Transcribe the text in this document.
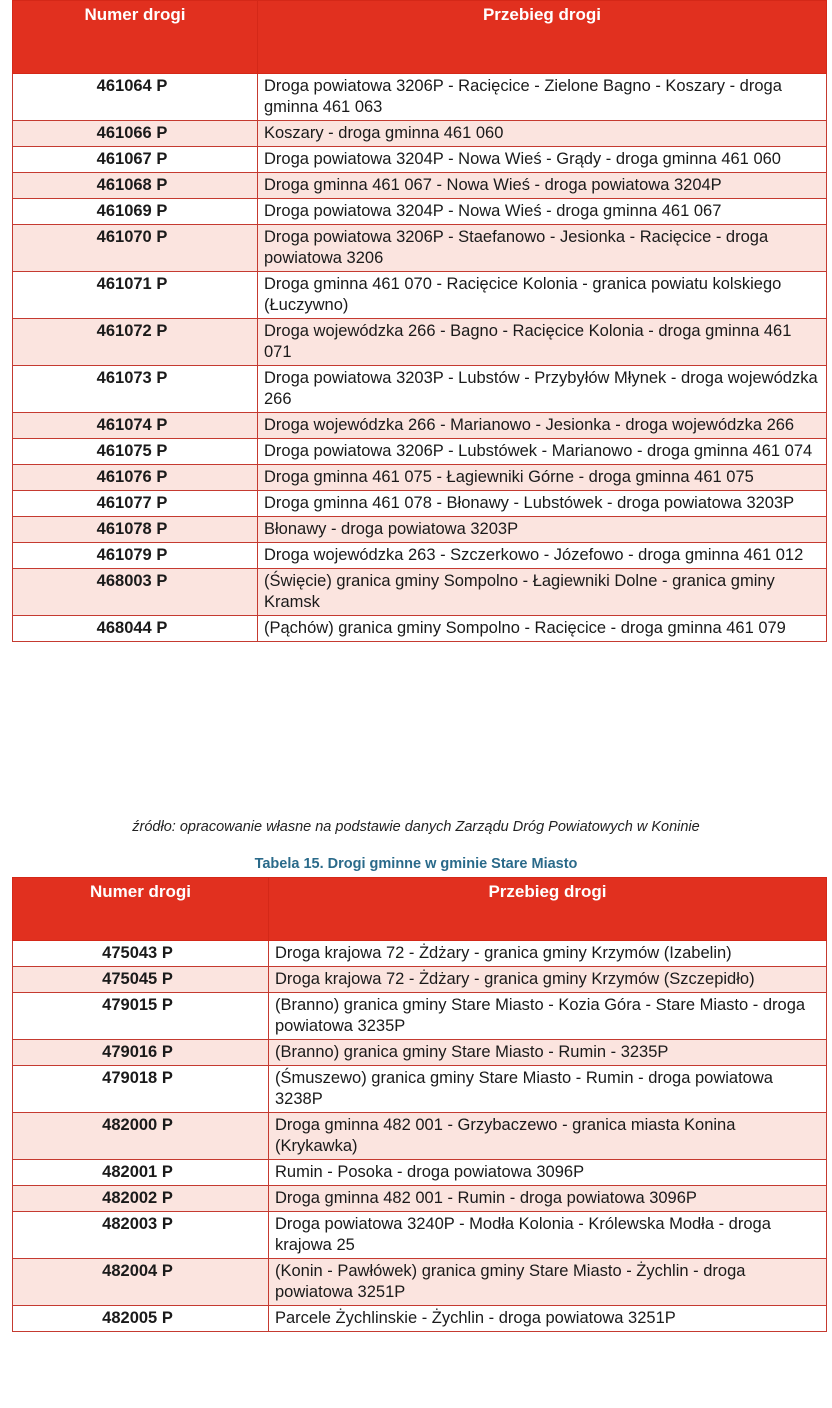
Numer drogi	Przebieg drogi
461064 P	Droga powiatowa 3206P - Racięcice - Zielone Bagno - Koszary - droga gminna 461 063
461066 P	Koszary - droga gminna 461 060
461067 P	Droga powiatowa 3204P - Nowa Wieś - Grądy - droga gminna 461 060
461068 P	Droga gminna 461 067 - Nowa Wieś - droga powiatowa 3204P
461069 P	Droga powiatowa 3204P - Nowa Wieś - droga gminna 461 067
461070 P	Droga powiatowa 3206P - Staefanowo - Jesionka - Racięcice - droga powiatowa 3206
461071 P	Droga gminna 461 070 - Racięcice Kolonia - granica powiatu kolskiego (Łuczywno)
461072 P	Droga wojewódzka 266 - Bagno - Racięcice Kolonia - droga gminna 461 071
461073 P	Droga powiatowa 3203P - Lubstów - Przybyłów Młynek - droga wojewódzka 266
461074 P	Droga wojewódzka 266 - Marianowo - Jesionka - droga wojewódzka 266
461075 P	Droga powiatowa 3206P - Lubstówek - Marianowo - droga gminna 461 074
461076 P	Droga gminna 461 075 - Łagiewniki Górne - droga gminna 461 075
461077 P	Droga gminna 461 078 - Błonawy - Lubstówek - droga powiatowa 3203P
461078 P	Błonawy - droga powiatowa 3203P
461079 P	Droga wojewódzka 263 - Szczerkowo - Józefowo - droga gminna 461 012
468003 P	(Święcie) granica gminy Sompolno - Łagiewniki Dolne - granica gminy Kramsk
468044 P	(Pąchów) granica gminy Sompolno - Racięcice - droga gminna 461 079
źródło: opracowanie własne na podstawie danych Zarządu Dróg Powiatowych w Koninie
Tabela 15. Drogi gminne w gminie Stare Miasto
Numer drogi	Przebieg drogi
475043 P	Droga krajowa 72 - Żdżary - granica gminy Krzymów (Izabelin)
475045 P	Droga krajowa 72 - Żdżary - granica gminy Krzymów (Szczepidło)
479015 P	(Branno) granica gminy Stare Miasto - Kozia Góra - Stare Miasto - droga powiatowa 3235P
479016 P	(Branno) granica gminy Stare Miasto - Rumin - 3235P
479018 P	(Śmuszewo) granica gminy Stare Miasto - Rumin - droga powiatowa 3238P
482000 P	Droga gminna 482 001 - Grzybaczewo - granica miasta Konina (Krykawka)
482001 P	Rumin - Posoka - droga powiatowa 3096P
482002 P	Droga gminna 482 001 - Rumin - droga powiatowa 3096P
482003 P	Droga powiatowa 3240P - Modła Kolonia - Królewska Modła - droga krajowa 25
482004 P	(Konin - Pawłówek) granica gminy Stare Miasto - Żychlin - droga powiatowa 3251P
482005 P	Parcele Żychlinskie - Żychlin - droga powiatowa 3251P
